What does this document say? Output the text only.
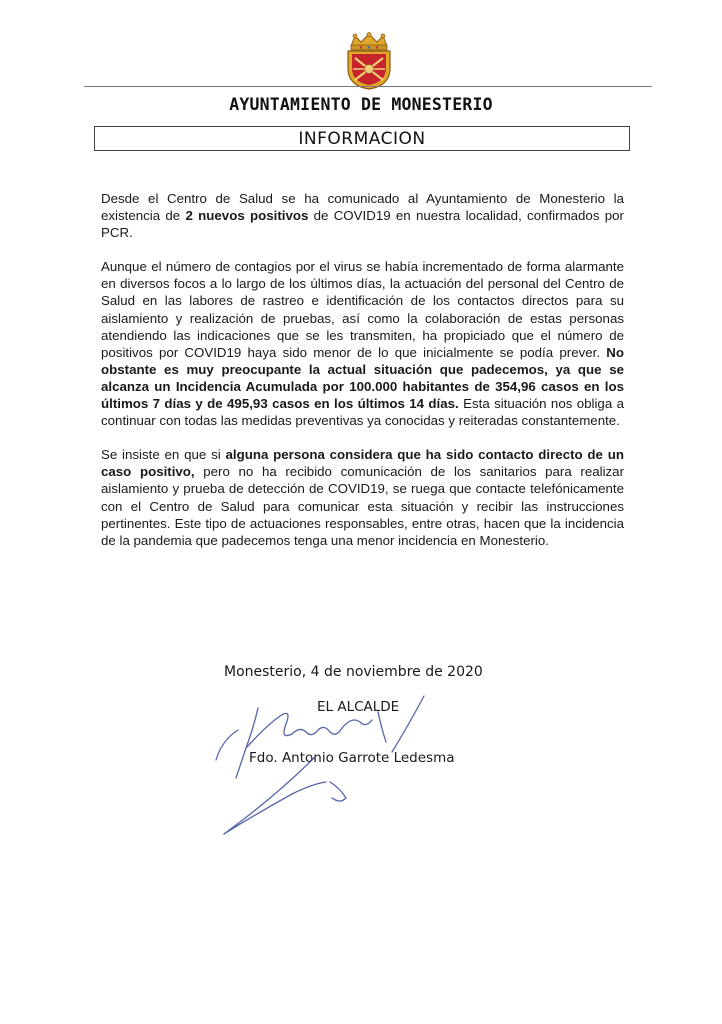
AYUNTAMIENTO DE MONESTERIO
INFORMACION

Desde el Centro de Salud se ha comunicado al Ayuntamiento de Monesterio la existencia de 2 nuevos positivos de COVID19 en nuestra localidad, confirmados por PCR.

Aunque el número de contagios por el virus se había incrementado de forma alarmante en diversos focos a lo largo de los últimos días, la actuación del personal del Centro de Salud en las labores de rastreo e identificación de los contactos directos para su aislamiento y realización de pruebas, así como la colaboración de estas personas atendiendo las indicaciones que se les transmiten, ha propiciado que el número de positivos por COVID19 haya sido menor de lo que inicialmente se podía prever. No obstante es muy preocupante la actual situación que padecemos, ya que se alcanza un Incidencia Acumulada por 100.000 habitantes de 354,96 casos en los últimos 7 días y de 495,93 casos en los últimos 14 días. Esta situación nos obliga a continuar con todas las medidas preventivas ya conocidas y reiteradas constantemente.

Se insiste en que si alguna persona considera que ha sido contacto directo de un caso positivo, pero no ha recibido comunicación de los sanitarios para realizar aislamiento y prueba de detección de COVID19, se ruega que contacte telefónicamente con el Centro de Salud para comunicar esta situación y recibir las instrucciones pertinentes. Este tipo de actuaciones responsables, entre otras, hacen que la incidencia de la pandemia que padecemos tenga una menor incidencia en Monesterio.

Monesterio, 4 de noviembre de 2020
EL ALCALDE
Fdo. Antonio Garrote Ledesma
